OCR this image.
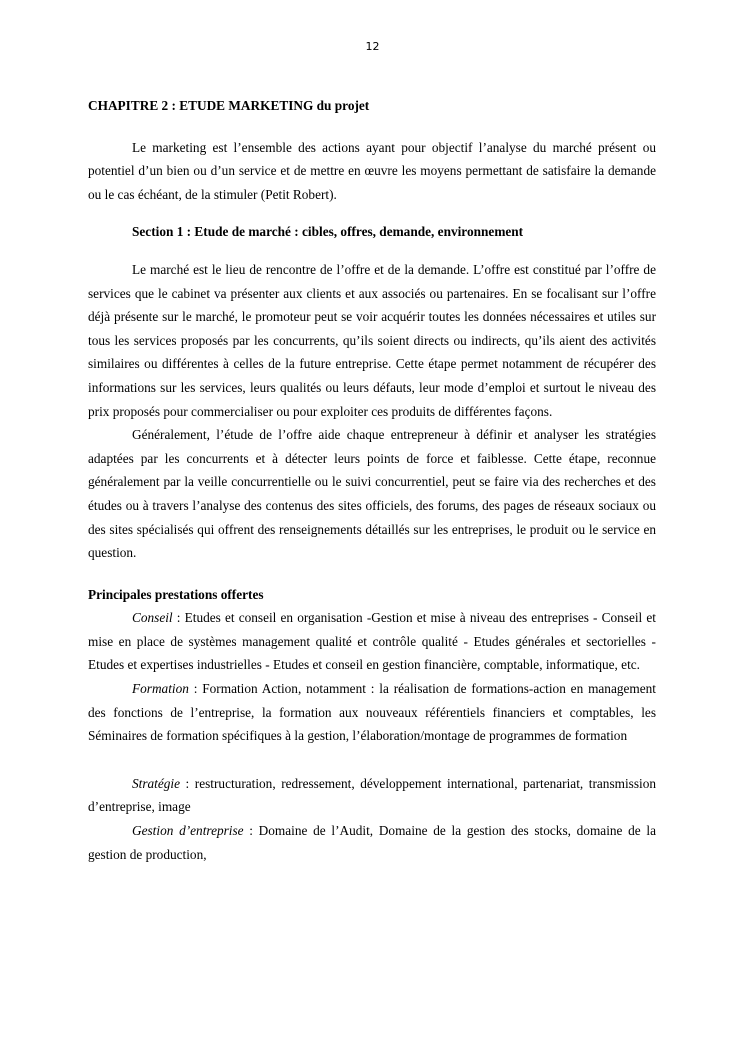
12

CHAPITRE 2 : ETUDE MARKETING du projet

Le marketing est l’ensemble des actions ayant pour objectif l’analyse du marché présent ou potentiel d’un bien ou d’un service et de mettre en œuvre les moyens permettant de satisfaire la demande ou le cas échéant, de la stimuler (Petit Robert).

Section 1 : Etude de marché : cibles, offres, demande, environnement

Le marché est le lieu de rencontre de l’offre et de la demande. L’offre est constitué par l’offre de services que le cabinet va présenter aux clients et aux associés ou partenaires. En se focalisant sur l’offre déjà présente sur le marché, le promoteur peut se voir acquérir toutes les données nécessaires et utiles sur tous les services proposés par les concurrents, qu’ils soient directs ou indirects, qu’ils aient des activités similaires ou différentes à celles de la future entreprise. Cette étape permet notamment de récupérer des informations sur les services, leurs qualités ou leurs défauts, leur mode d’emploi et surtout le niveau des prix proposés pour commercialiser ou pour exploiter ces produits de différentes façons.

Généralement, l’étude de l’offre aide chaque entrepreneur à définir et analyser les stratégies adaptées par les concurrents et à détecter leurs points de force et faiblesse. Cette étape, reconnue généralement par la veille concurrentielle ou le suivi concurrentiel, peut se faire via des recherches et des études ou à travers l’analyse des contenus des sites officiels, des forums, des pages de réseaux sociaux ou des sites spécialisés qui offrent des renseignements détaillés sur les entreprises, le produit ou le service en question.

Principales prestations offertes

Conseil : Etudes et conseil en organisation -Gestion et mise à niveau des entreprises - Conseil et mise en place de systèmes management qualité et contrôle qualité - Etudes générales et sectorielles - Etudes et expertises industrielles - Etudes et conseil en gestion financière, comptable, informatique, etc.

Formation : Formation Action, notamment : la réalisation de formations-action en management des fonctions de l’entreprise, la formation aux nouveaux référentiels financiers et comptables, les Séminaires de formation spécifiques à la gestion, l’élaboration/montage de programmes de formation

Stratégie : restructuration, redressement, développement international, partenariat, transmission d’entreprise, image

Gestion d’entreprise : Domaine de l’Audit, Domaine de la gestion des stocks, domaine de la gestion de production,
